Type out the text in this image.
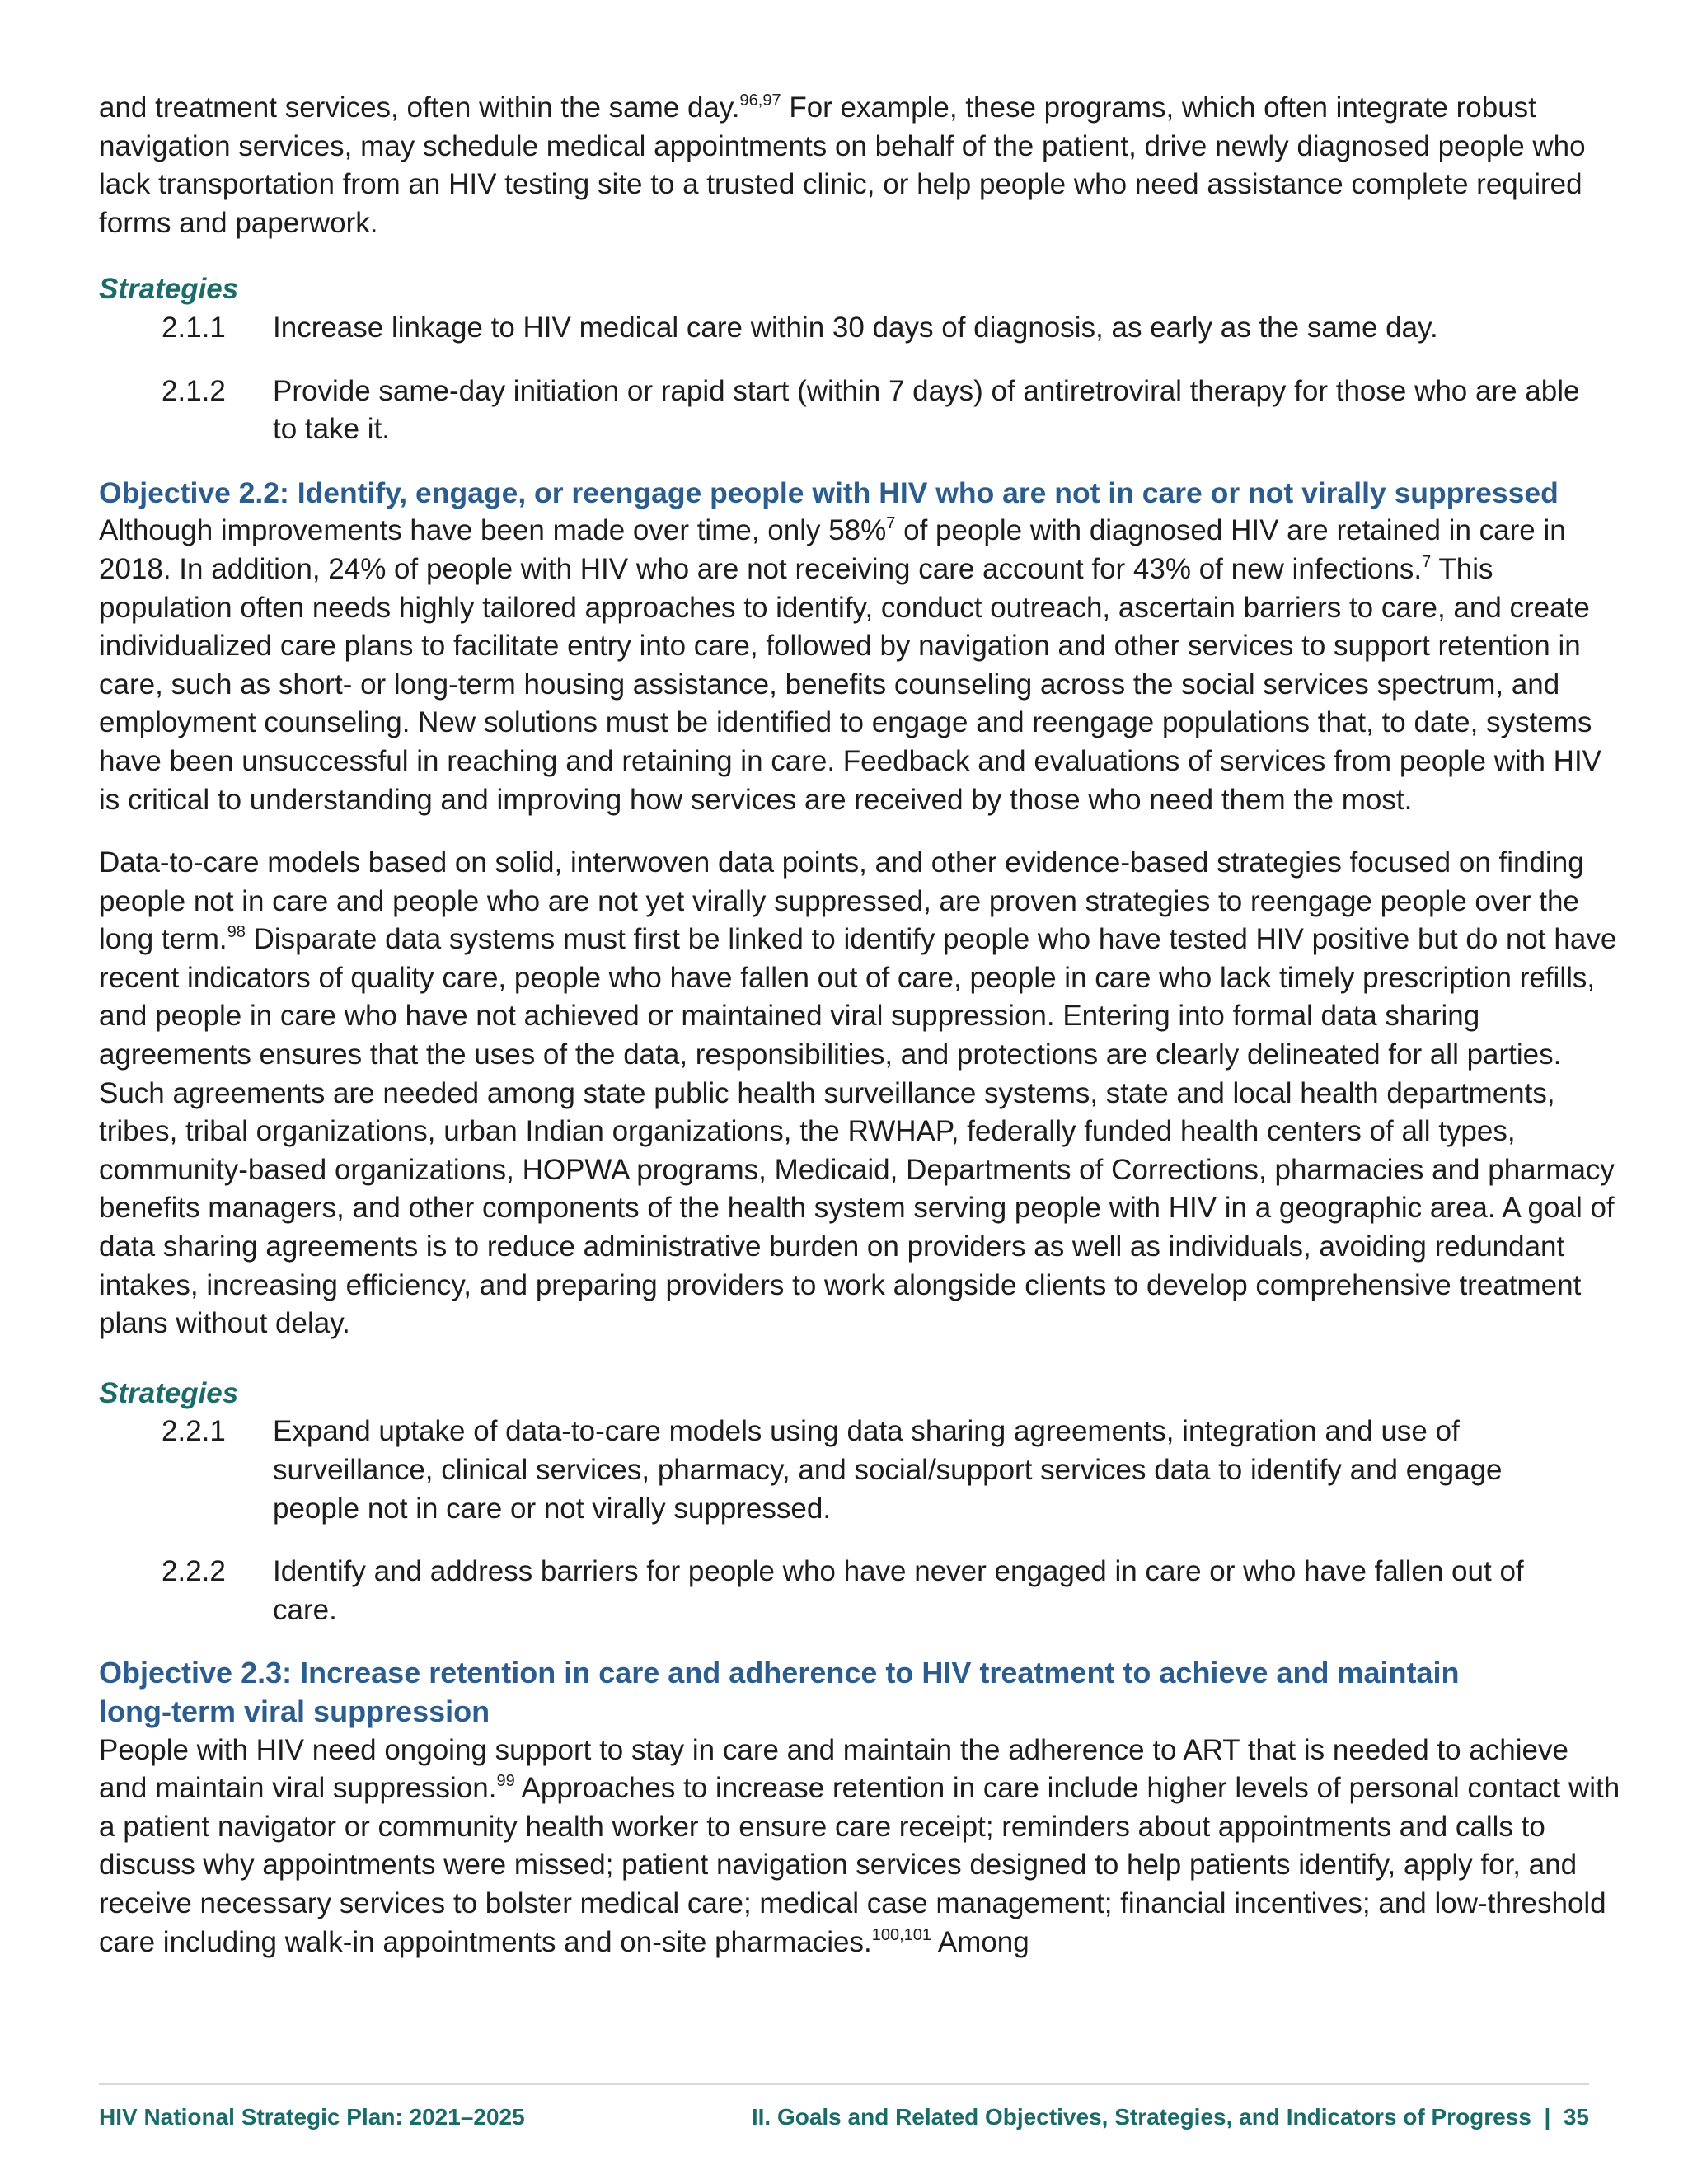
and treatment services, often within the same day.$^{96,97}$ For example, these programs, which often integrate robust navigation services, may schedule medical appointments on behalf of the patient, drive newly diagnosed people who lack transportation from an HIV testing site to a trusted clinic, or help people who need assistance complete required forms and paperwork.

Strategies
2.1.1 Increase linkage to HIV medical care within 30 days of diagnosis, as early as the same day.
2.1.2 Provide same-day initiation or rapid start (within 7 days) of antiretroviral therapy for those who are able to take it.
Objective 2.2: Identify, engage, or reengage people with HIV who are not in care or not virally suppressed

Although improvements have been made over time, only 58%$^7$ of people with diagnosed HIV are retained in care in 2018. In addition, 24% of people with HIV who are not receiving care account for 43% of new infections.$^7$ This population often needs highly tailored approaches to identify, conduct outreach, ascertain barriers to care, and create individualized care plans to facilitate entry into care, followed by navigation and other services to support retention in care, such as short- or long-term housing assistance, benefits counseling across the social services spectrum, and employment counseling. New solutions must be identified to engage and reengage populations that, to date, systems have been unsuccessful in reaching and retaining in care. Feedback and evaluations of services from people with HIV is critical to understanding and improving how services are received by those who need them the most.

Data-to-care models based on solid, interwoven data points, and other evidence-based strategies focused on finding people not in care and people who are not yet virally suppressed, are proven strategies to reengage people over the long term.$^{98}$ Disparate data systems must first be linked to identify people who have tested HIV positive but do not have recent indicators of quality care, people who have fallen out of care, people in care who lack timely prescription refills, and people in care who have not achieved or maintained viral suppression. Entering into formal data sharing agreements ensures that the uses of the data, responsibilities, and protections are clearly delineated for all parties. Such agreements are needed among state public health surveillance systems, state and local health departments, tribes, tribal organizations, urban Indian organizations, the RWHAP, federally funded health centers of all types, community-based organizations, HOPWA programs, Medicaid, Departments of Corrections, pharmacies and pharmacy benefits managers, and other components of the health system serving people with HIV in a geographic area. A goal of data sharing agreements is to reduce administrative burden on providers as well as individuals, avoiding redundant intakes, increasing efficiency, and preparing providers to work alongside clients to develop comprehensive treatment plans without delay.

Strategies
2.2.1 Expand uptake of data-to-care models using data sharing agreements, integration and use of surveillance, clinical services, pharmacy, and social/support services data to identify and engage people not in care or not virally suppressed.
2.2.2 Identify and address barriers for people who have never engaged in care or who have fallen out of care.
Objective 2.3: Increase retention in care and adherence to HIV treatment to achieve and maintain long-term viral suppression

People with HIV need ongoing support to stay in care and maintain the adherence to ART that is needed to achieve and maintain viral suppression.$^{99}$ Approaches to increase retention in care include higher levels of personal contact with a patient navigator or community health worker to ensure care receipt; reminders about appointments and calls to discuss why appointments were missed; patient navigation services designed to help patients identify, apply for, and receive necessary services to bolster medical care; medical case management; financial incentives; and low-threshold care including walk-in appointments and on-site pharmacies.$^{100,101}$ Among

HIV National Strategic Plan: 2021–2025	II. Goals and Related Objectives, Strategies, and Indicators of Progress  |  35
